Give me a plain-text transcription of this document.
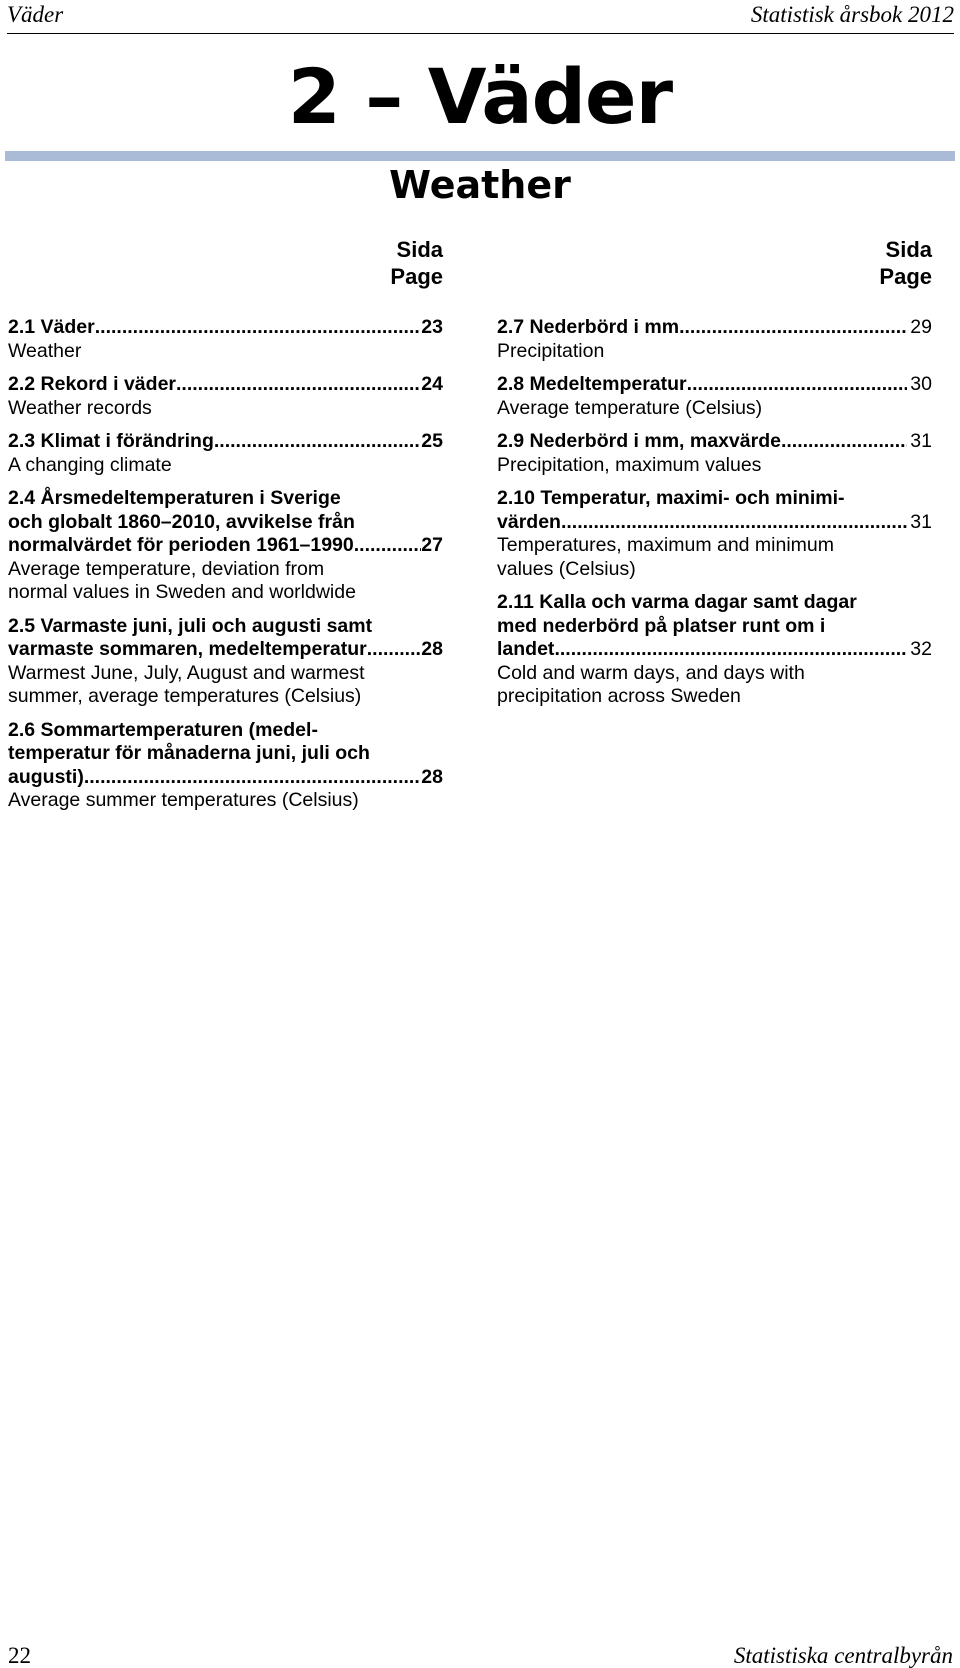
Väder	Statistisk årsbok 2012
2 – Väder
Weather
Sida
Page
Sida
Page
2.1 Väder .....	23
Weather
2.2 Rekord i väder .....	24
Weather records
2.3 Klimat i förändring .....	25
A changing climate
2.4 Årsmedeltemperaturen i Sverige
och globalt 1860–2010, avvikelse från
normalvärdet för perioden 1961–1990 .....	27
Average temperature, deviation from
normal values in Sweden and worldwide
2.5 Varmaste juni, juli och augusti samt
varmaste sommaren, medeltemperatur .....	28
Warmest June, July, August and warmest
summer, average temperatures (Celsius)
2.6 Sommartemperaturen (medel-
temperatur för månaderna juni, juli och
augusti) .....	28
Average summer temperatures (Celsius)
2.7 Nederbörd i mm .....	29
Precipitation
2.8 Medeltemperatur .....	30
Average temperature (Celsius)
2.9 Nederbörd i mm, maxvärde .....	31
Precipitation, maximum values
2.10 Temperatur, maximi- och minimi-
värden .....	31
Temperatures, maximum and minimum
values (Celsius)
2.11 Kalla och varma dagar samt dagar
med nederbörd på platser runt om i
landet .....	32
Cold and warm days, and days with
precipitation across Sweden
22	Statistiska centralbyrån
